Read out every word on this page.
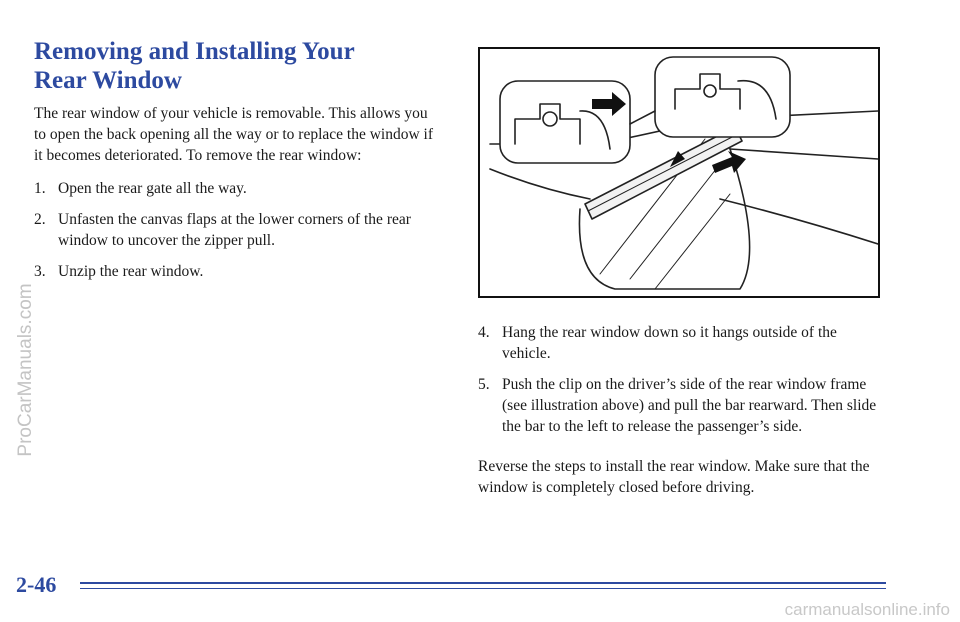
Removing and Installing Your
Rear Window

The rear window of your vehicle is removable. This allows you to open the back opening all the way or to replace the window if it becomes deteriorated. To remove the rear window:

1. Open the rear gate all the way.
2. Unfasten the canvas flaps at the lower corners of the rear window to uncover the zipper pull.
3. Unzip the rear window.
4. Hang the rear window down so it hangs outside of the vehicle.
5. Push the clip on the driver’s side of the rear window frame (see illustration above) and pull the bar rearward. Then slide the bar to the left to release the passenger’s side.

Reverse the steps to install the rear window. Make sure that the window is completely closed before driving.

2-46
ProCarManuals.com
carmanualsonline.info
